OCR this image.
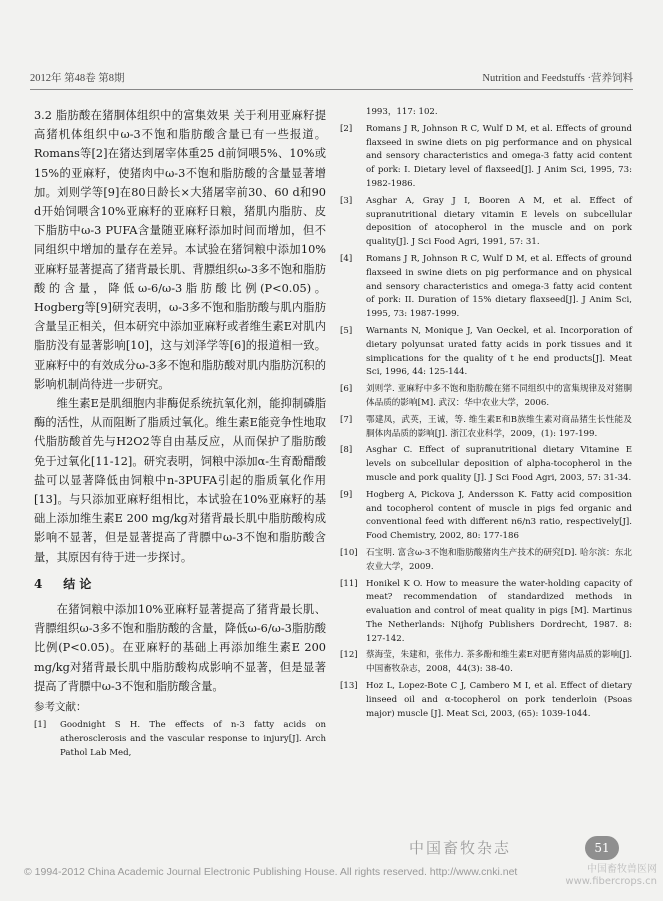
2012年 第48卷 第8期	Nutrition and Feedstuffs ·营养饲料

3.2 脂肪酸在猪胴体组织中的富集效果 关于利用亚麻籽提高猪机体组织中ω-3不饱和脂肪酸含量已有一些报道。Romans等[2]在猪达到屠宰体重25 d前饲喂5%、10%或15%的亚麻籽，使猪肉中ω-3不饱和脂肪酸的含量显著增加。刘则学等[9]在80日龄长×大猪屠宰前30、60 d和90 d开始饲喂含10%亚麻籽的亚麻籽日粮，猪肌内脂肪、皮下脂肪中ω-3 PUFA含量随亚麻籽添加时间而增加，但不同组织中增加的量存在差异。本试验在猪饲粮中添加10%亚麻籽显著提高了猪背最长肌、背膘组织ω-3多不饱和脂肪酸的含量，降低ω-6/ω-3脂肪酸比例(P<0.05)。Hogberg等[9]研究表明，ω-3多不饱和脂肪酸与肌内脂肪含量呈正相关，但本研究中添加亚麻籽或者维生素E对肌内脂肪没有显著影响[10]，这与刘泽学等[6]的报道相一致。亚麻籽中的有效成分ω-3多不饱和脂肪酸对肌内脂肪沉积的影响机制尚待进一步研究。

维生素E是肌细胞内非酶促系统抗氧化剂，能抑制磷脂酶的活性，从而阻断了脂质过氧化。维生素E能竞争性地取代脂肪酸首先与H2O2等自由基反应，从而保护了脂肪酸免于过氧化[11-12]。研究表明，饲粮中添加α-生育酚醋酸盐可以显著降低由饲粮中n-3PUFA引起的脂质氧化作用[13]。与只添加亚麻籽组相比，本试验在10%亚麻籽的基础上添加维生素E 200 mg/kg对猪背最长肌中脂肪酸构成影响不显著，但是显著提高了背膘中ω-3不饱和脂肪酸含量，其原因有待于进一步探讨。

4 结 论

在猪饲粮中添加10%亚麻籽显著提高了猪背最长肌、背膘组织ω-3多不饱和脂肪酸的含量，降低ω-6/ω-3脂肪酸比例(P<0.05)。在亚麻籽的基础上再添加维生素E 200 mg/kg对猪背最长肌中脂肪酸构成影响不显著，但是显著提高了背膘中ω-3不饱和脂肪酸含量。

参考文献：
[1]	Goodnight S H. The effects of n-3 fatty acids on atherosclerosis and the vascular response to injury[J]. Arch Pathol Lab Med,
1993，117: 102.
[2]	Romans J R, Johnson R C, Wulf D M, et al. Effects of ground flaxseed in swine diets on pig performance and on physical and sensory characteristics and omega-3 fatty acid content of pork: I. Dietary level of flaxseed[J]. J Anim Sci, 1995, 73: 1982-1986.
[3]	Asghar A, Gray J I, Booren A M, et al. Effect of supranutritional dietary vitamin E levels on subcellular deposition of atocopherol in the muscle and on pork quality[J]. J Sci Food Agri, 1991, 57: 31.
[4]	Romans J R, Johnson R C, Wulf D M, et al. Effects of ground flaxseed in swine diets on pig performance and on physical and sensory characteristics and omega-3 fatty acid content of pork: II. Duration of 15% dietary flaxseed[J]. J Anim Sci, 1995, 73: 1987-1999.
[5]	Warnants N, Monique J, Van Oeckel, et al. Incorporation of dietary polyunsat urated fatty acids in pork tissues and it simplications for the quality of t he end products[J]. Meat Sci, 1996, 44: 125-144.
[6]	刘则学. 亚麻籽中多不饱和脂肪酸在猪不同组织中的富集规律及对猪胴体品质的影响[M]. 武汉：华中农业大学，2006.
[7]	鄂建凤，武英，王诚，等. 维生素E和B族维生素对商品猪生长性能及胴体肉品质的影响[J]. 浙江农业科学，2009，(1): 197-199.
[8]	Asghar C. Effect of supranutritional dietary Vitamine E levels on subcellular deposition of alpha-tocopherol in the muscle and pork quality [J]. J Sci Food Agri, 2003, 57: 31-34.
[9]	Hogberg A, Pickova J, Andersson K. Fatty acid composition and tocopherol content of muscle in pigs fed organic and conventional feed with different n6/n3 ratio, respectively[J]. Food Chemistry, 2002, 80: 177-186
[10] 石宝明. 富含ω-3不饱和脂肪酸猪肉生产技术的研究[D]. 哈尔滨：东北农业大学，2009.
[11] Honikel K O. How to measure the water-holding capacity of meat? recommendation of standardized methods in evaluation and control of meat quality in pigs [M]. Martinus The Netherlands: Nijhofg Publishers Dordrecht, 1987. 8: 127-142.
[12] 蔡海莹，朱建和，张伟力. 茶多酚和维生素E对肥育猪肉品质的影响[J]. 中国畜牧杂志，2008，44(3): 38-40.
[13] Hoz L, Lopez-Bote C J, Cambero M I, et al. Effect of dietary linseed oil and α-tocopherol on pork tenderloin (Psoas major) muscle [J]. Meat Sci, 2003, (65): 1039-1044.
中国畜牧杂志	51
© 1994-2012 China Academic Journal Electronic Publishing House. All rights reserved. http://www.cnki.net	中国畜牧兽医网
www.fibercrops.cn
